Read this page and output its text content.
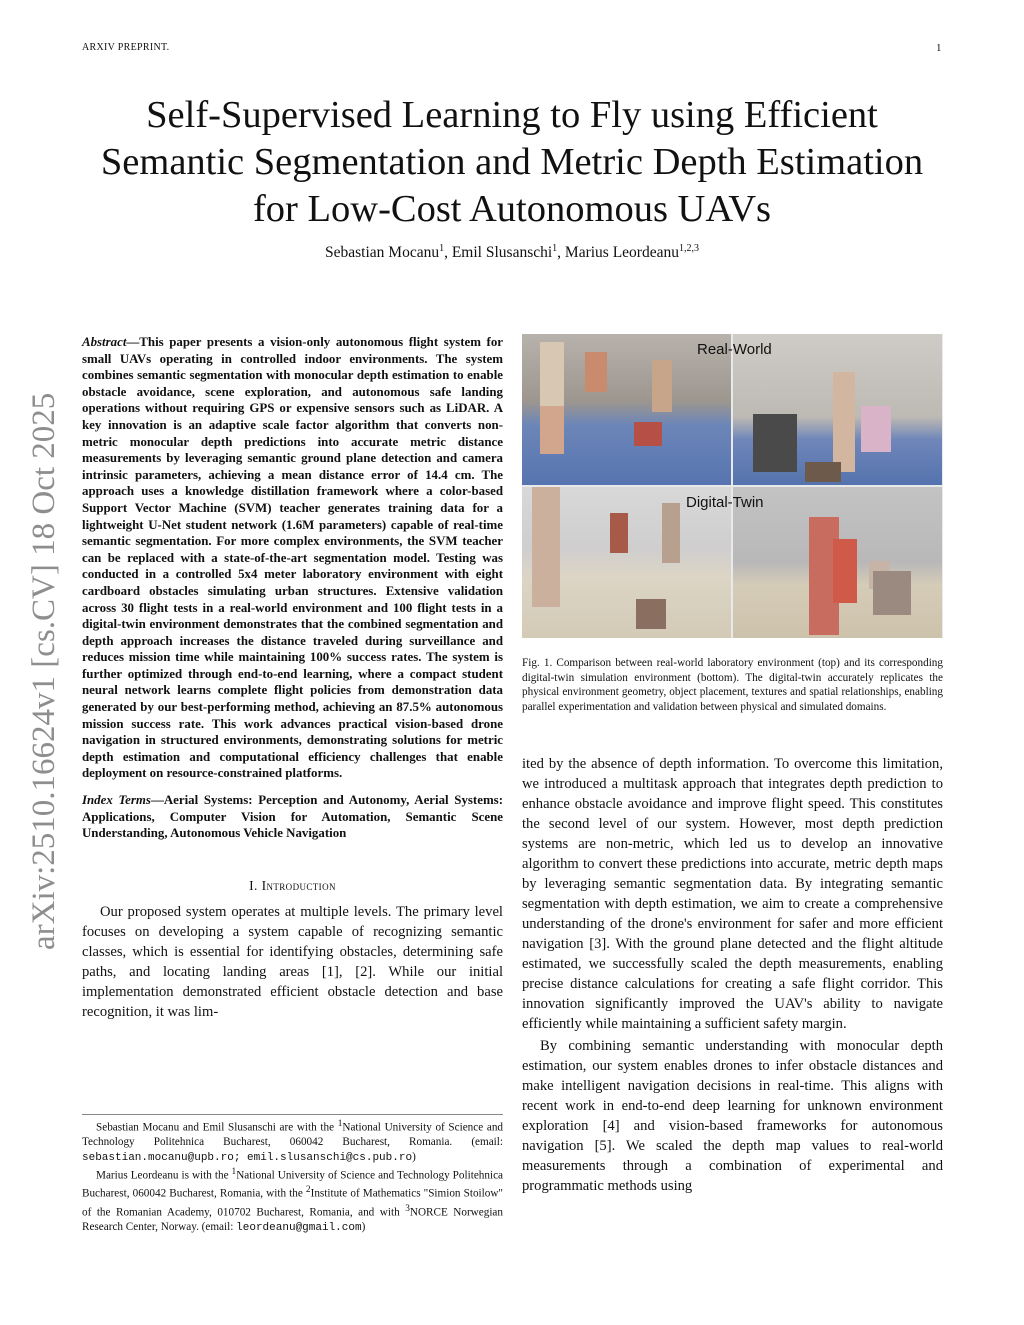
ARXIV PREPRINT.	1
Self-Supervised Learning to Fly using Efficient Semantic Segmentation and Metric Depth Estimation for Low-Cost Autonomous UAVs
Sebastian Mocanu$^1$, Emil Slusanschi$^1$, Marius Leordeanu$^{1,2,3}$
arXiv:2510.16624v1 [cs.CV] 18 Oct 2025

Abstract—This paper presents a vision-only autonomous flight system for small UAVs operating in controlled indoor environments. The system combines semantic segmentation with monocular depth estimation to enable obstacle avoidance, scene exploration, and autonomous safe landing operations without requiring GPS or expensive sensors such as LiDAR. A key innovation is an adaptive scale factor algorithm that converts non-metric monocular depth predictions into accurate metric distance measurements by leveraging semantic ground plane detection and camera intrinsic parameters, achieving a mean distance error of 14.4 cm. The approach uses a knowledge distillation framework where a color-based Support Vector Machine (SVM) teacher generates training data for a lightweight U-Net student network (1.6M parameters) capable of real-time semantic segmentation. For more complex environments, the SVM teacher can be replaced with a state-of-the-art segmentation model. Testing was conducted in a controlled 5x4 meter laboratory environment with eight cardboard obstacles simulating urban structures. Extensive validation across 30 flight tests in a real-world environment and 100 flight tests in a digital-twin environment demonstrates that the combined segmentation and depth approach increases the distance traveled during surveillance and reduces mission time while maintaining 100% success rates. The system is further optimized through end-to-end learning, where a compact student neural network learns complete flight policies from demonstration data generated by our best-performing method, achieving an 87.5% autonomous mission success rate. This work advances practical vision-based drone navigation in structured environments, demonstrating solutions for metric depth estimation and computational efficiency challenges that enable deployment on resource-constrained platforms.

Index Terms—Aerial Systems: Perception and Autonomy, Aerial Systems: Applications, Computer Vision for Automation, Semantic Scene Understanding, Autonomous Vehicle Navigation

I. Introduction

Our proposed system operates at multiple levels. The primary level focuses on developing a system capable of recognizing semantic classes, which is essential for identifying obstacles, determining safe paths, and locating landing areas [1], [2]. While our initial implementation demonstrated efficient obstacle detection and base recognition, it was lim-

Sebastian Mocanu and Emil Slusanschi are with the $^1$National University of Science and Technology Politehnica Bucharest, 060042 Bucharest, Romania. (email: sebastian.mocanu@upb.ro; emil.slusanschi@cs.pub.ro)

Marius Leordeanu is with the $^1$National University of Science and Technology Politehnica Bucharest, 060042 Bucharest, Romania, with the $^2$Institute of Mathematics "Simion Stoilow" of the Romanian Academy, 010702 Bucharest, Romania, and with $^3$NORCE Norwegian Research Center, Norway. (email: leordeanu@gmail.com)

Real-World
Digital-Twin

Fig. 1. Comparison between real-world laboratory environment (top) and its corresponding digital-twin simulation environment (bottom). The digital-twin accurately replicates the physical environment geometry, object placement, textures and spatial relationships, enabling parallel experimentation and validation between physical and simulated domains.

ited by the absence of depth information. To overcome this limitation, we introduced a multitask approach that integrates depth prediction to enhance obstacle avoidance and improve flight speed. This constitutes the second level of our system. However, most depth prediction systems are non-metric, which led us to develop an innovative algorithm to convert these predictions into accurate, metric depth maps by leveraging semantic segmentation data. By integrating semantic segmentation with depth estimation, we aim to create a comprehensive understanding of the drone's environment for safer and more efficient navigation [3]. With the ground plane detected and the flight altitude estimated, we successfully scaled the depth measurements, enabling precise distance calculations for creating a safe flight corridor. This innovation significantly improved the UAV's ability to navigate efficiently while maintaining a sufficient safety margin.

By combining semantic understanding with monocular depth estimation, our system enables drones to infer obstacle distances and make intelligent navigation decisions in real-time. This aligns with recent work in end-to-end deep learning for unknown environment exploration [4] and vision-based frameworks for autonomous navigation [5]. We scaled the depth map values to real-world measurements through a combination of experimental and programmatic methods using
